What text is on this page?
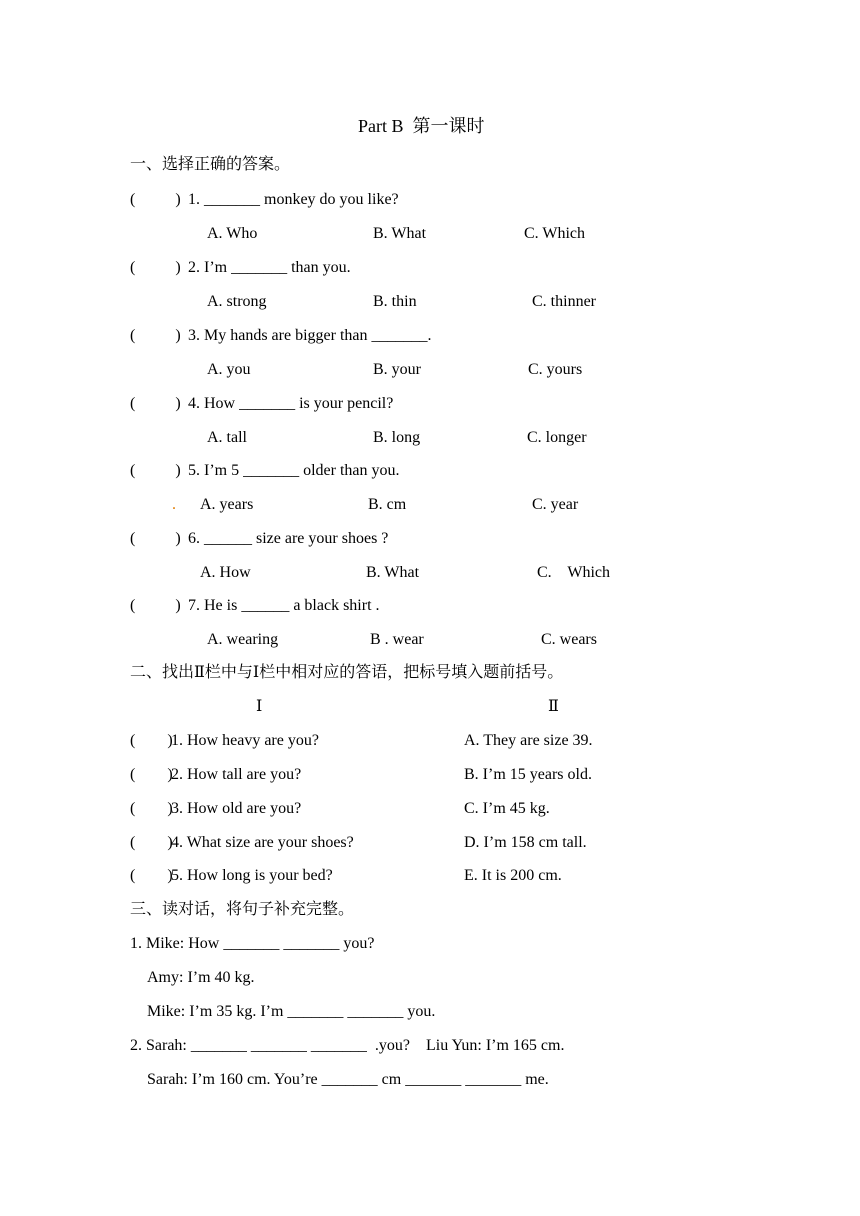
Part B  第一课时
一、选择正确的答案。
(          ) 1. _______ monkey do you like?
A. Who	B. What	C. Which
(          ) 2. I’m _______ than you.
A. strong	B. thin	C. thinner
(          ) 3. My hands are bigger than _______.
A. you	B. your	C. yours
(          ) 4. How _______ is your pencil?
A. tall	B. long	C. longer
(          ) 5. I’m 5 _______ older than you.
. A. years	B. cm	C. year
(          ) 6. ______ size are your shoes ?
A. How	B. What	C.    Which
(          ) 7. He is ______ a black shirt .
A. wearing	B . wear	C. wears
二、找出Ⅱ栏中与Ⅰ栏中相对应的答语，把标号填入题前括号。
Ⅰ	Ⅱ
(        )
1. How heavy are you?	A. They are size 39.
(        )
2. How tall are you?	B. I’m 15 years old.
(        )
3. How old are you?	C. I’m 45 kg.
(        )
4. What size are your shoes?	D. I’m 158 cm tall.
(        )
5. How long is your bed?	E. It is 200 cm.
三、读对话，将句子补充完整。
1. Mike: How _______ _______ you?
Amy: I’m 40 kg.
Mike: I’m 35 kg. I’m _______ _______ you.
2. Sarah: _______ _______ _______  .you?    Liu Yun: I’m 165 cm.
Sarah: I’m 160 cm. You’re _______ cm _______ _______ me.
